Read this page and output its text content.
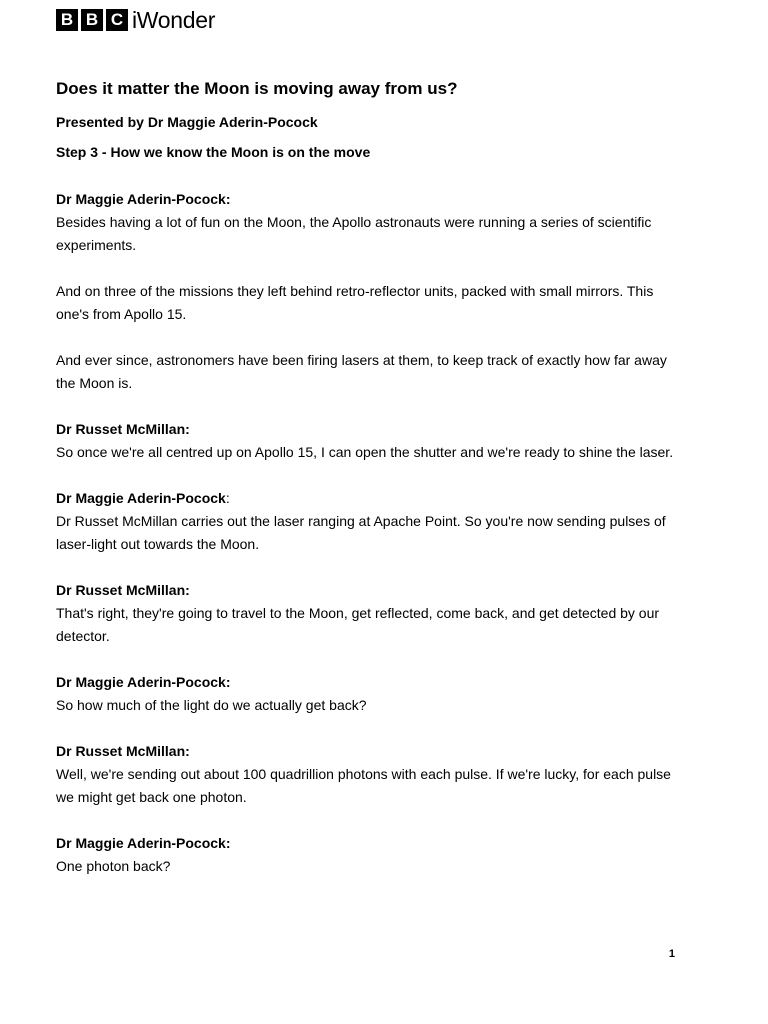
B B C iWonder
Does it matter the Moon is moving away from us?

Presented by Dr Maggie Aderin-Pocock

Step 3 - How we know the Moon is on the move

Dr Maggie Aderin-Pocock:

Besides having a lot of fun on the Moon, the Apollo astronauts were running a series of scientific experiments.

And on three of the missions they left behind retro-reflector units, packed with small mirrors. This one's from Apollo 15.

And ever since, astronomers have been firing lasers at them, to keep track of exactly how far away the Moon is.

Dr Russet McMillan:

So once we're all centred up on Apollo 15, I can open the shutter and we're ready to shine the laser.

Dr Maggie Aderin-Pocock:

Dr Russet McMillan carries out the laser ranging at Apache Point. So you're now sending pulses of laser-light out towards the Moon.

Dr Russet McMillan:

That's right, they're going to travel to the Moon, get reflected, come back, and get detected by our detector.

Dr Maggie Aderin-Pocock:

So how much of the light do we actually get back?

Dr Russet McMillan:

Well, we're sending out about 100 quadrillion photons with each pulse. If we're lucky, for each pulse we might get back one photon.

Dr Maggie Aderin-Pocock:

One photon back?

1
